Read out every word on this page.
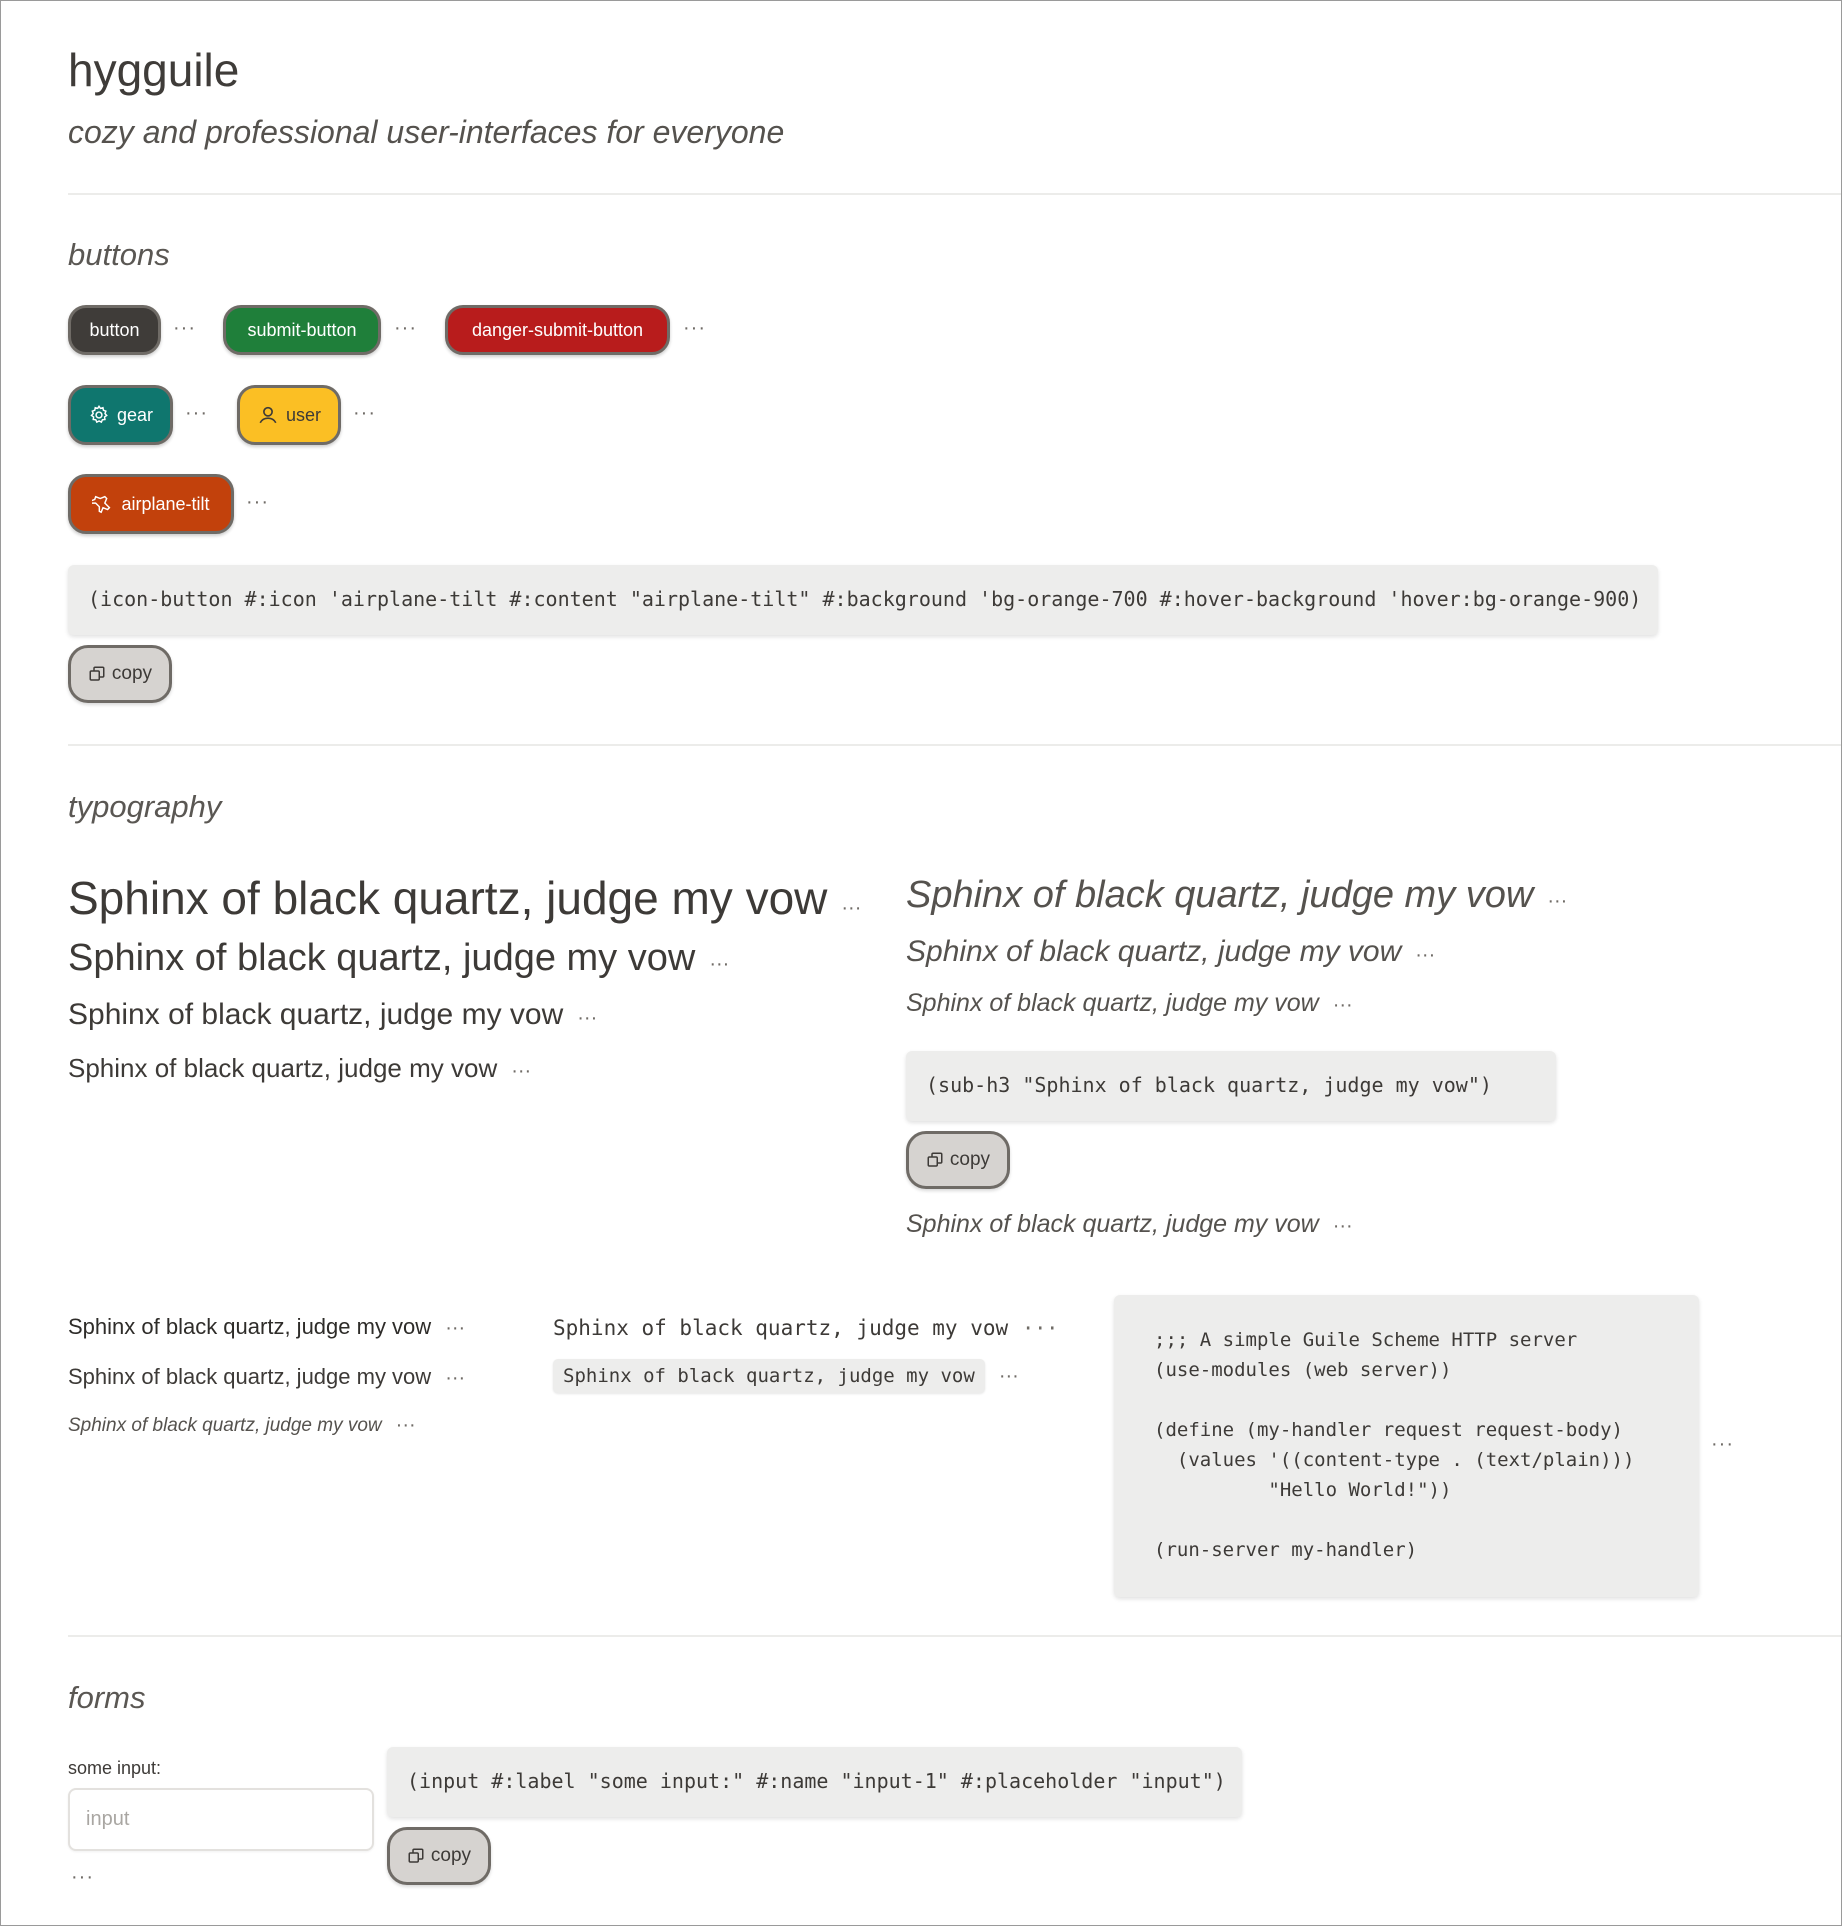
hygguile
cozy and professional user-interfaces for everyone
buttons
button ···	submit-button ···	danger-submit-button ···
gear ···	user ···
airplane-tilt ···
(icon-button #:icon 'airplane-tilt #:content "airplane-tilt" #:background 'bg-orange-700 #:hover-background 'hover:bg-orange-900)
copy
typography
Sphinx of black quartz, judge my vow ···
Sphinx of black quartz, judge my vow ···
Sphinx of black quartz, judge my vow ···
Sphinx of black quartz, judge my vow ···
Sphinx of black quartz, judge my vow ···
Sphinx of black quartz, judge my vow ···
Sphinx of black quartz, judge my vow ···
(sub-h3 "Sphinx of black quartz, judge my vow")
copy
Sphinx of black quartz, judge my vow ···
Sphinx of black quartz, judge my vow ···
Sphinx of black quartz, judge my vow ···
Sphinx of black quartz, judge my vow ···
Sphinx of black quartz, judge my vow ···
Sphinx of black quartz, judge my vow ···
;;; A simple Guile Scheme HTTP server
(use-modules (web server))

(define (my-handler request request-body)
(values '((content-type . (text/plain)))
"Hello World!"))

(run-server my-handler)
···
forms
some input:
input
···
(input #:label "some input:" #:name "input-1" #:placeholder "input")
copy
